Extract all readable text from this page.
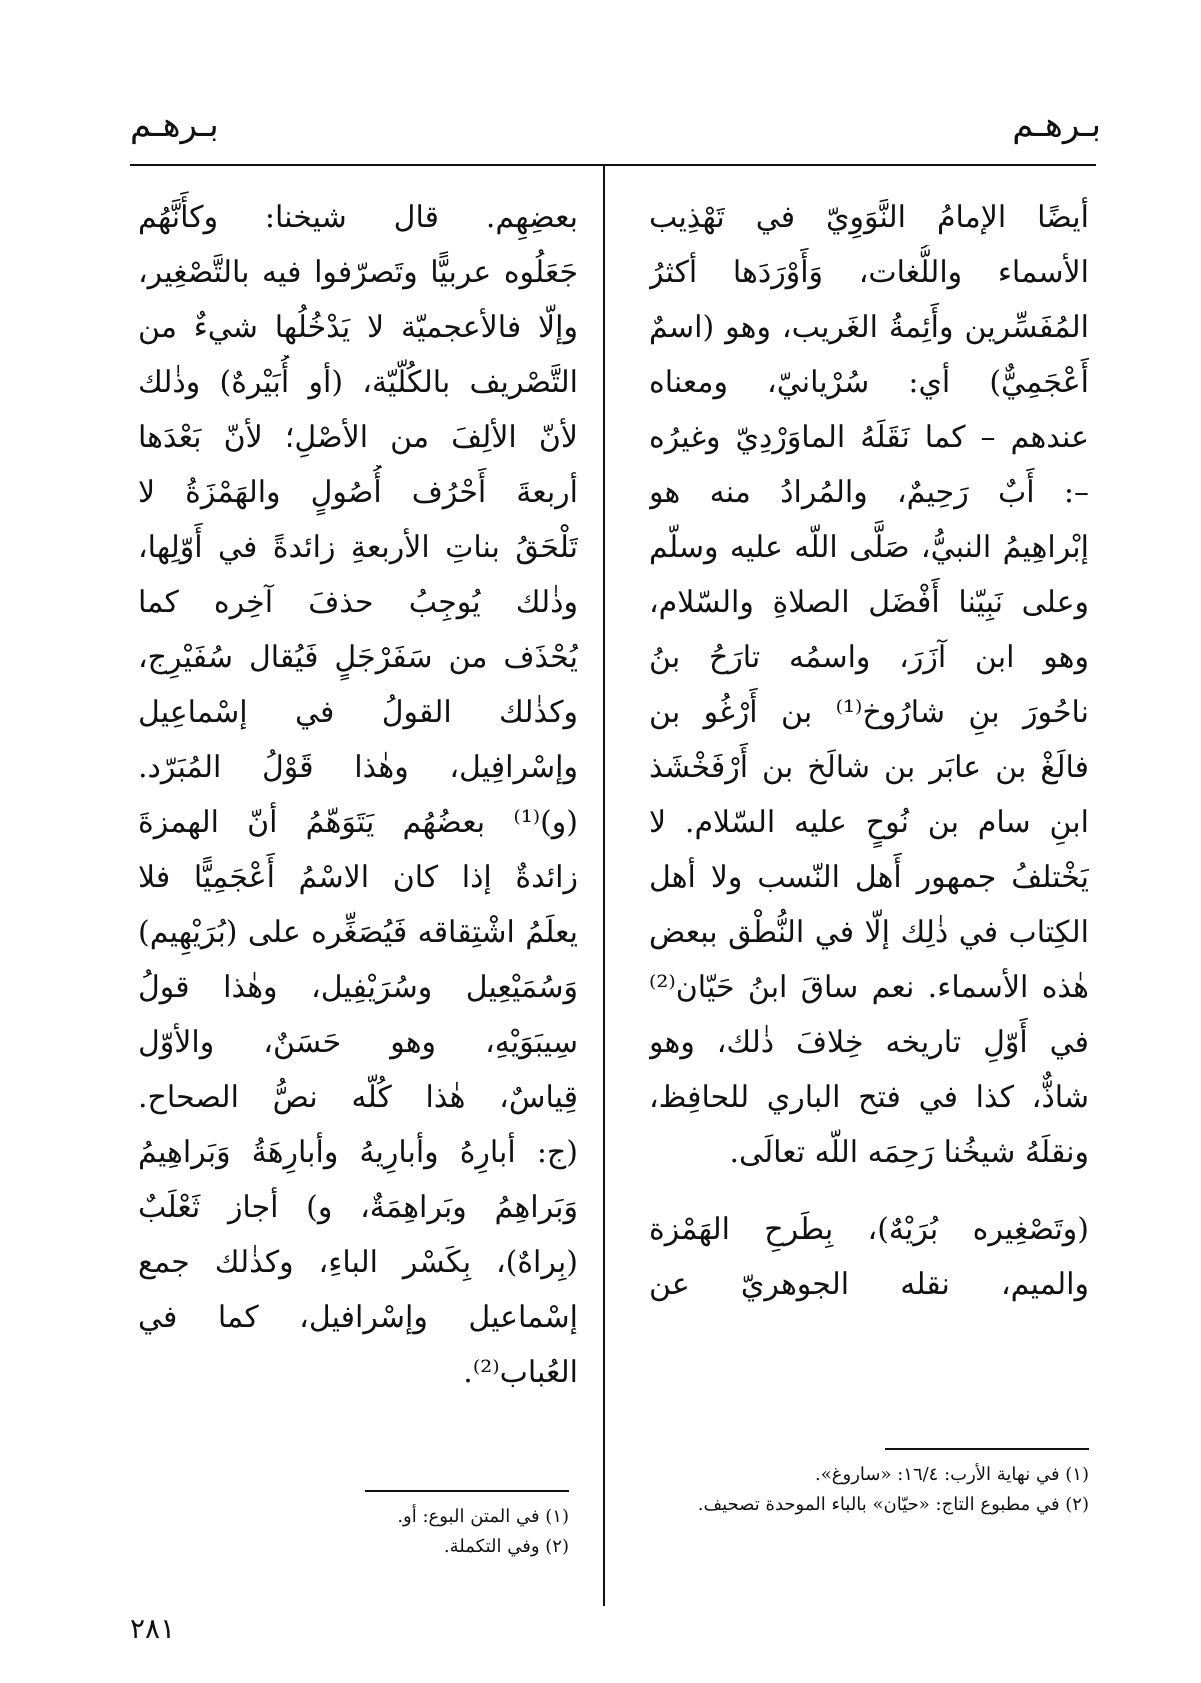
بـرهـم
بـرهـم
أيضًا الإمامُ النَّوَوِيّ في تَهْذِيب
الأسماء واللُّغات، وَأَوْرَدَها أكثرُ
المُفَسِّرين وأَئِمةُ الغَريب، وهو (اسمٌ
أَعْجَمِيٌّ) أي: سُرْيانيّ، ومعناه
عندهم – كما نَقَلَهُ الماوَرْدِيّ وغيرُه
–: أَبٌ رَحِيمٌ، والمُرادُ منه هو
إبْراهِيمُ النبيُّ، صَلَّى اللّه عليه وسلّم
وعلى نَبِيّنا أَفْضَل الصلاةِ والسّلام،
وهو ابن آزَرَ، واسمُه تارَحُ بنُ
ناحُورَ بنِ شارُوخ⁽¹⁾ بن أَرْغُو بن
فالَغْ بن عابَر بن شالَخ بن أَرْفَخْشَذ
ابنِ سام بن نُوحٍ عليه السّلام. لا
يَخْتلفُ جمهور أَهل النّسب ولا أهل
الكِتاب في ذٰلِك إلّا في النُّطْق ببعض
هٰذه الأسماء. نعم ساقَ ابنُ حَيّان⁽²⁾
في أَوّلِ تاريخه خِلافَ ذٰلك، وهو
شاذٌّ، كذا في فتح الباري للحافِظ،
ونقلَهُ شيخُنا رَحِمَه اللّه تعالَى.
(وتَصْغِيره بُرَيْهٌ)، بِطَرحِ الهَمْزة
والميم، نقله الجوهريّ عن
بعضِهِم. قال شيخنا: وكأَنَّهُم
جَعَلُوه عربيًّا وتَصرّفوا فيه بالتَّصْغِير،
وإلّا فالأعجميّة لا يَدْخُلُها شيءٌ من
التَّصْريف بالكُلّيّة، (أو أُبَيْرهٌ) وذٰلك
لأنّ الألِفَ من الأصْلِ؛ لأنّ بَعْدَها
أربعةَ أَحْرُف أُصُولٍ والهَمْزَةُ لا
تَلْحَقُ بناتِ الأربعةِ زائدةً في أَوّلِها،
وذٰلك يُوجِبُ حذفَ آخِره كما
يُحْذَف من سَفَرْجَلٍ فَيُقال سُفَيْرِج،
وكذٰلك القولُ في إسْماعِيل
وإسْرافِيل، وهٰذا قَوْلُ المُبَرّد.
(و)⁽¹⁾ بعضُهُم يَتَوَهّمُ أنّ الهمزةَ
زائدةٌ إذا كان الاسْمُ أَعْجَمِيًّا فلا
يعلَمُ اشْتِقاقه فَيُصَغِّره على (بُرَيْهِيم)
وَسُمَيْعِيل وسُرَيْفِيل، وهٰذا قولُ
سِيبَوَيْهِ، وهو حَسَنٌ، والأوّل
قِياسٌ، هٰذا كُلّه نصُّ الصحاح.
(ج: أبارِهُ وأبارِيهُ وأبارِهَةُ وَبَراهِيمُ
وَبَراهِمُ وبَراهِمَةٌ، و) أجاز ثَعْلَبٌ
(بِراهٌ)، بِكَسْر الباءِ، وكذٰلك جمع
إسْماعيل وإسْرافيل، كما في
العُباب⁽²⁾.
(١) في نهاية الأرب: ١٦/٤: «ساروغ».
(٢) في مطبوع التاج: «حيّان» بالباء الموحدة تصحيف.
(١) في المتن البوع: أو.
(٢) وفي التكملة.
٢٨١
